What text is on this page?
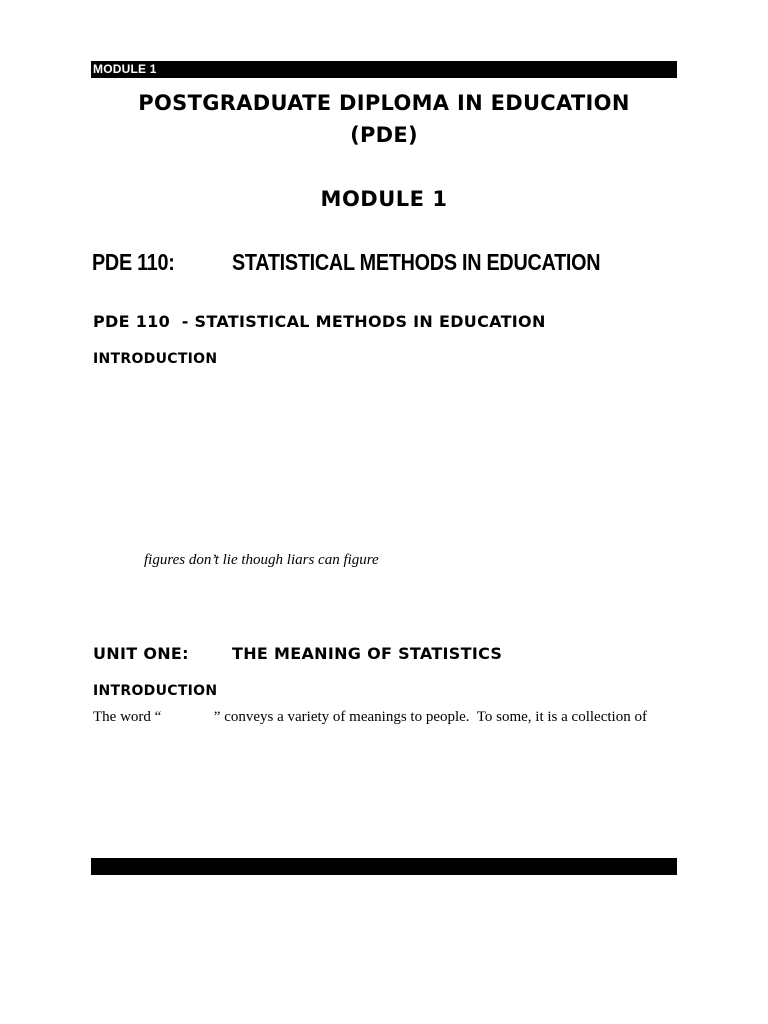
MODULE 1
POSTGRADUATE DIPLOMA IN EDUCATION
(PDE)
MODULE 1
PDE 110: STATISTICAL METHODS IN EDUCATION
PDE 110  - STATISTICAL METHODS IN EDUCATION
INTRODUCTION
figures don’t lie though liars can figure
UNIT ONE:	THE MEANING OF STATISTICS
INTRODUCTION
The word “              ” conveys a variety of meanings to people.  To some, it is a collection of
